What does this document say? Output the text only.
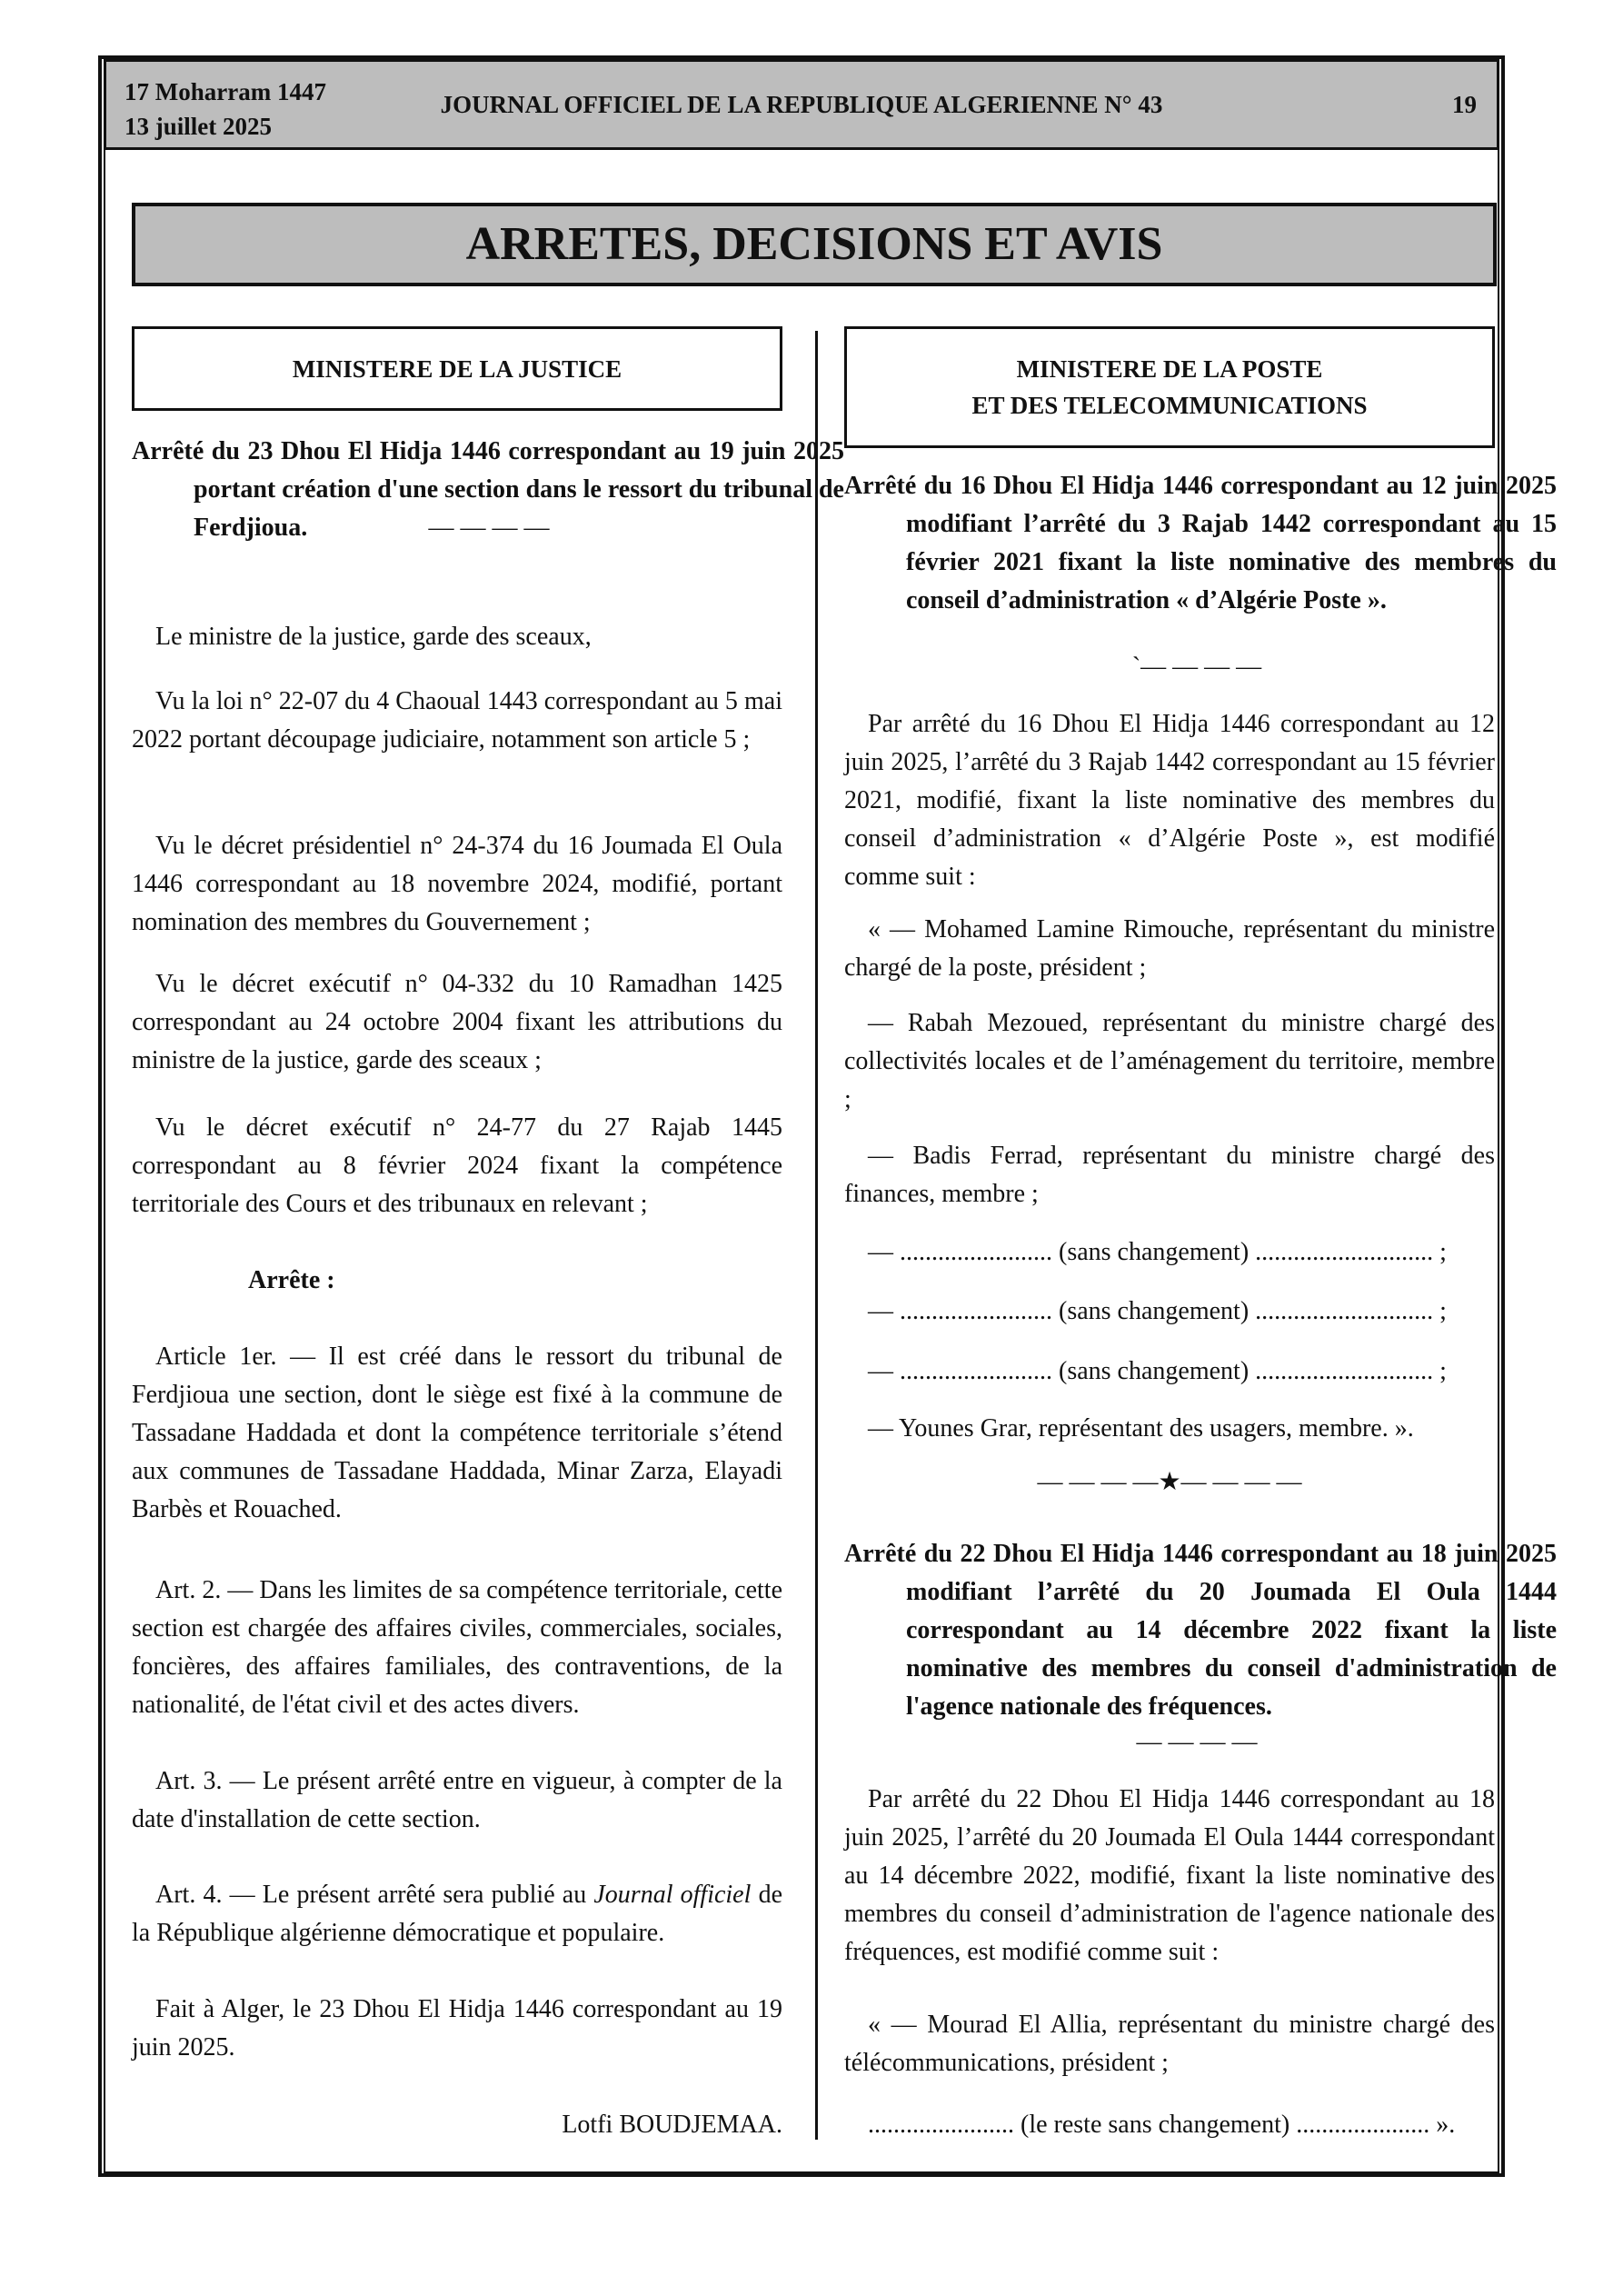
17 Moharram 1447
13 juillet 2025
JOURNAL OFFICIEL DE LA REPUBLIQUE ALGERIENNE N° 43	19
ARRETES, DECISIONS ET AVIS
MINISTERE DE LA JUSTICE
Arrêté du 23 Dhou El Hidja 1446 correspondant au 19 juin 2025 portant création d'une section dans le ressort du tribunal de Ferdjioua.	— — — —
Le ministre de la justice, garde des sceaux,
Vu la loi n° 22-07 du 4 Chaoual 1443 correspondant au 5 mai 2022 portant découpage judiciaire, notamment son article 5 ;
Vu le décret présidentiel n° 24-374 du 16 Joumada El Oula 1446 correspondant au 18 novembre 2024, modifié, portant nomination des membres du Gouvernement ;
Vu le décret exécutif n° 04-332 du 10 Ramadhan 1425 correspondant au 24 octobre 2004 fixant les attributions du ministre de la justice, garde des sceaux ;
Vu le décret exécutif n° 24-77 du 27 Rajab 1445 correspondant au 8 février 2024 fixant la compétence territoriale des Cours et des tribunaux en relevant ;
Arrête :
Article 1er. — Il est créé dans le ressort du tribunal de Ferdjioua une section, dont le siège est fixé à la commune de Tassadane Haddada et dont la compétence territoriale s’étend aux communes de Tassadane Haddada, Minar Zarza, Elayadi Barbès et Rouached.
Art. 2. — Dans les limites de sa compétence territoriale, cette section est chargée des affaires civiles, commerciales, sociales, foncières, des affaires familiales, des contraventions, de la nationalité, de l'état civil et des actes divers.
Art. 3. — Le présent arrêté entre en vigueur, à compter de la date d'installation de cette section.
Art. 4. — Le présent arrêté sera publié au Journal officiel de la République algérienne démocratique et populaire.
Fait à Alger, le 23 Dhou El Hidja 1446 correspondant au 19 juin 2025.
Lotfi BOUDJEMAA.
MINISTERE DE LA POSTE
ET DES TELECOMMUNICATIONS
Arrêté du 16 Dhou El Hidja 1446 correspondant au 12 juin 2025 modifiant l’arrêté du 3 Rajab 1442 correspondant au 15 février 2021 fixant la liste nominative des membres du conseil d’administration « d’Algérie Poste ».
`— — — —
Par arrêté du 16 Dhou El Hidja 1446 correspondant au 12 juin 2025, l’arrêté du 3 Rajab 1442 correspondant au 15 février 2021, modifié, fixant la liste nominative des membres du conseil d’administration « d’Algérie Poste », est modifié comme suit :
« — Mohamed Lamine Rimouche, représentant du ministre chargé de la poste, président ;
— Rabah Mezoued, représentant du ministre chargé des collectivités locales et de l’aménagement du territoire, membre ;
— Badis Ferrad, représentant du ministre chargé des finances, membre ;
— ........................ (sans changement) ............................ ;
— ........................ (sans changement) ............................ ;
— ........................ (sans changement) ............................ ;
— Younes Grar, représentant des usagers, membre. ».
— — — —★— — — —
Arrêté du 22 Dhou El Hidja 1446 correspondant au 18 juin 2025 modifiant l’arrêté du 20 Joumada El Oula 1444 correspondant au 14 décembre 2022 fixant la liste nominative des membres du conseil d'administration de l'agence nationale des fréquences.
— — — —
Par arrêté du 22 Dhou El Hidja 1446 correspondant au 18 juin 2025, l’arrêté du 20 Joumada El Oula 1444 correspondant au 14 décembre 2022, modifié, fixant la liste nominative des membres du conseil d’administration de l'agence nationale des fréquences, est modifié comme suit :
« — Mourad El Allia, représentant du ministre chargé des télécommunications, président ;
....................... (le reste sans changement) ..................... ».
